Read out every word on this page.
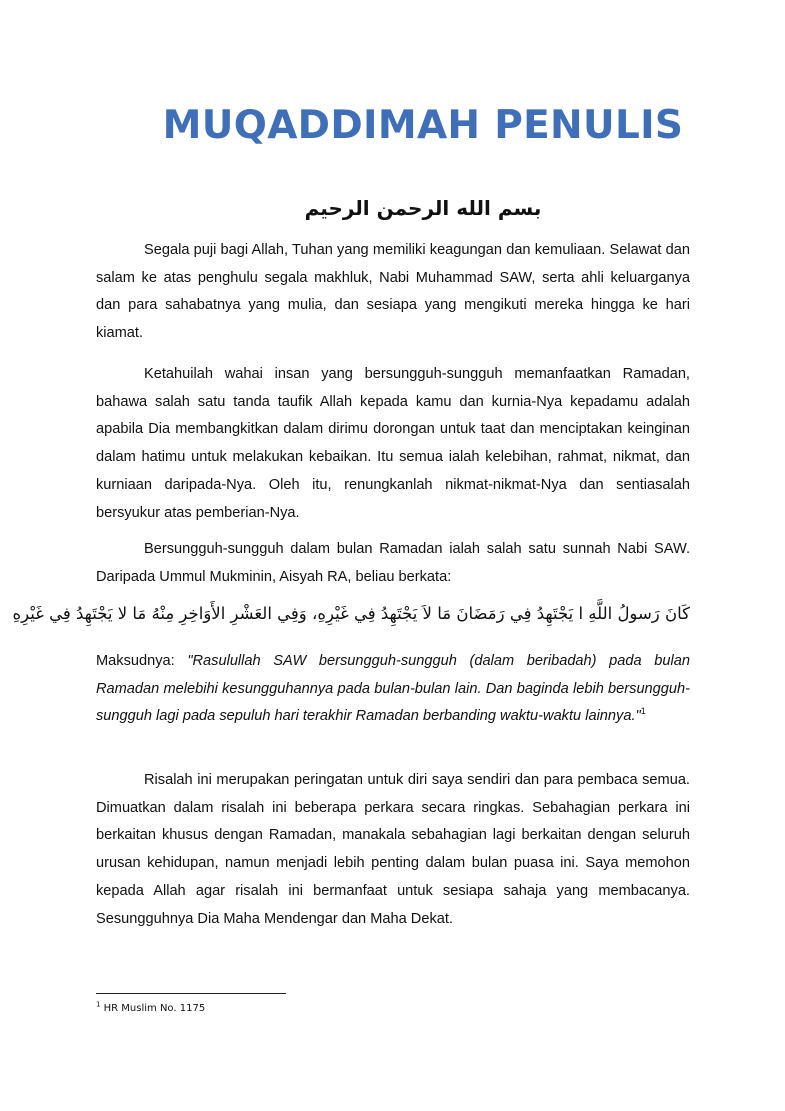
MUQADDIMAH PENULIS

بسم الله الرحمن الرحيم

Segala puji bagi Allah, Tuhan yang memiliki keagungan dan kemuliaan. Selawat dan salam ke atas penghulu segala makhluk, Nabi Muhammad SAW, serta ahli keluarganya dan para sahabatnya yang mulia, dan sesiapa yang mengikuti mereka hingga ke hari kiamat.

Ketahuilah wahai insan yang bersungguh-sungguh memanfaatkan Ramadan, bahawa salah satu tanda taufik Allah kepada kamu dan kurnia-Nya kepadamu adalah apabila Dia membangkitkan dalam dirimu dorongan untuk taat dan menciptakan keinginan dalam hatimu untuk melakukan kebaikan. Itu semua ialah kelebihan, rahmat, nikmat, dan kurniaan daripada-Nya. Oleh itu, renungkanlah nikmat-nikmat-Nya dan sentiasalah bersyukur atas pemberian-Nya.

Bersungguh-sungguh dalam bulan Ramadan ialah salah satu sunnah Nabi SAW. Daripada Ummul Mukminin, Aisyah RA, beliau berkata:

كَانَ رَسولُ اللَّهِ ا يَجْتَهِدُ فِي رَمَضَانَ مَا لاَ يَجْتَهِدُ فِي غَيْرِهِ، وَفِي العَشْرِ الأَوَاخِرِ مِنْهُ مَا لا يَجْتَهِدُ فِي غَيْرِهِ

Maksudnya: "Rasulullah SAW bersungguh-sungguh (dalam beribadah) pada bulan Ramadan melebihi kesungguhannya pada bulan-bulan lain. Dan baginda lebih bersungguh-sungguh lagi pada sepuluh hari terakhir Ramadan berbanding waktu-waktu lainnya."$^1$

Risalah ini merupakan peringatan untuk diri saya sendiri dan para pembaca semua. Dimuatkan dalam risalah ini beberapa perkara secara ringkas. Sebahagian perkara ini berkaitan khusus dengan Ramadan, manakala sebahagian lagi berkaitan dengan seluruh urusan kehidupan, namun menjadi lebih penting dalam bulan puasa ini. Saya memohon kepada Allah agar risalah ini bermanfaat untuk sesiapa sahaja yang membacanya. Sesungguhnya Dia Maha Mendengar dan Maha Dekat.

$^1$ HR Muslim No. 1175
